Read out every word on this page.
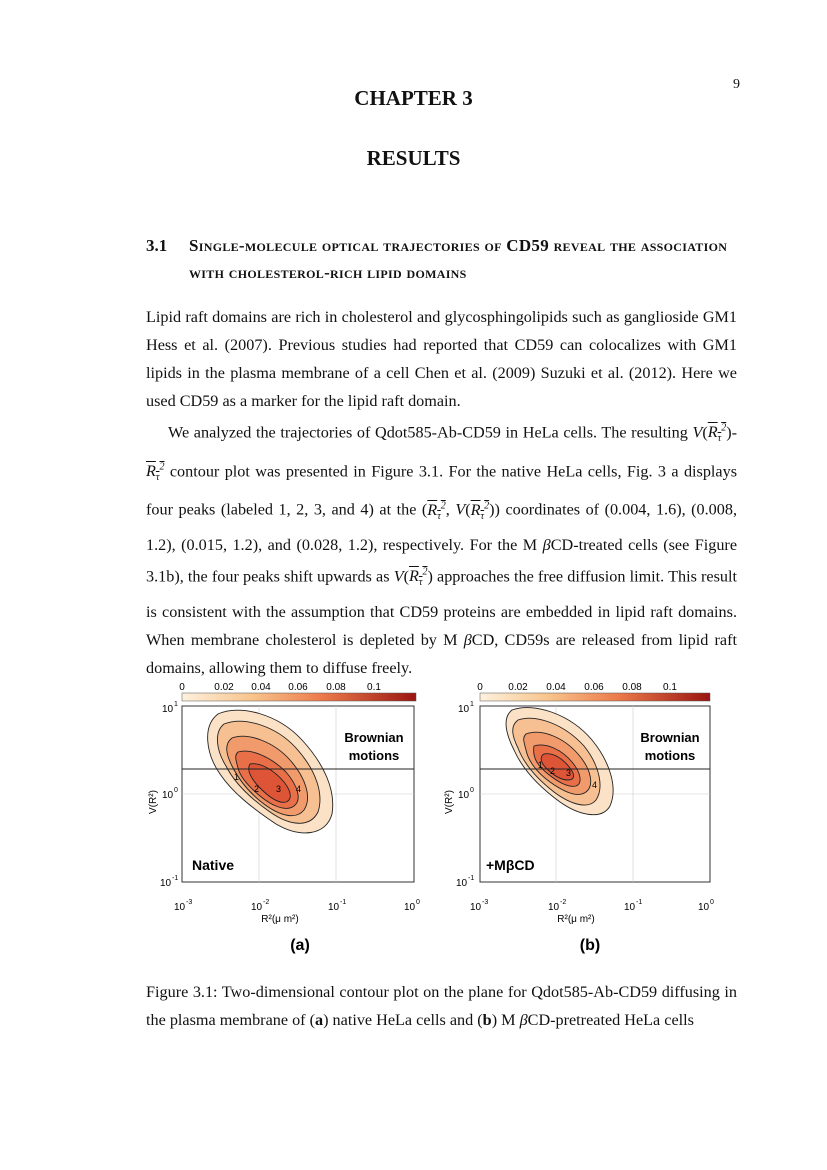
9
CHAPTER 3
RESULTS
3.1 Single-molecule optical trajectories of CD59 reveal the association with cholesterol-rich lipid domains

Lipid raft domains are rich in cholesterol and glycosphingolipids such as ganglioside GM1 Hess et al. (2007). Previous studies had reported that CD59 can colocalizes with GM1 lipids in the plasma membrane of a cell Chen et al. (2009) Suzuki et al. (2012). Here we used CD59 as a marker for the lipid raft domain.

We analyzed the trajectories of Qdot585-Ab-CD59 in HeLa cells. The resulting $V(R_\tau^2)-R_\tau^2$ contour plot was presented in Figure 3.1. For the native HeLa cells, Fig. 3 a displays four peaks (labeled 1, 2, 3, and 4) at the ($R_\tau^2$, $V(R_\tau^2)$) coordinates of (0.004, 1.6), (0.008, 1.2), (0.015, 1.2), and (0.028, 1.2), respectively. For the M βCD-treated cells (see Figure 3.1b), the four peaks shift upwards as $V(R_\tau^2)$ approaches the free diffusion limit. This result is consistent with the assumption that CD59 proteins are embedded in lipid raft domains. When membrane cholesterol is depleted by M βCD, CD59s are released from lipid raft domains, allowing them to diffuse freely.

0	0.02 0.04 0.06 0.08 0.1
1
2 3 4
Brownian
motions
Native
10 1
10 0
10 -1
V(R²)
10 -3	10 -2	10 -1	10 0
R²(μ m²)
(a)
0	0.02 0.04 0.06 0.08 0.1
1
2 3
4
Brownian
motions
+MβCD
10 1
10 0
10 -1
V(R²)
10 -3	10 -2	10 -1	10 0
R²(μ m²)
(b)
Figure 3.1: Two-dimensional contour plot on the plane for Qdot585-Ab-CD59 diffusing in the plasma membrane of (a) native HeLa cells and (b) M βCD-pretreated HeLa cells
